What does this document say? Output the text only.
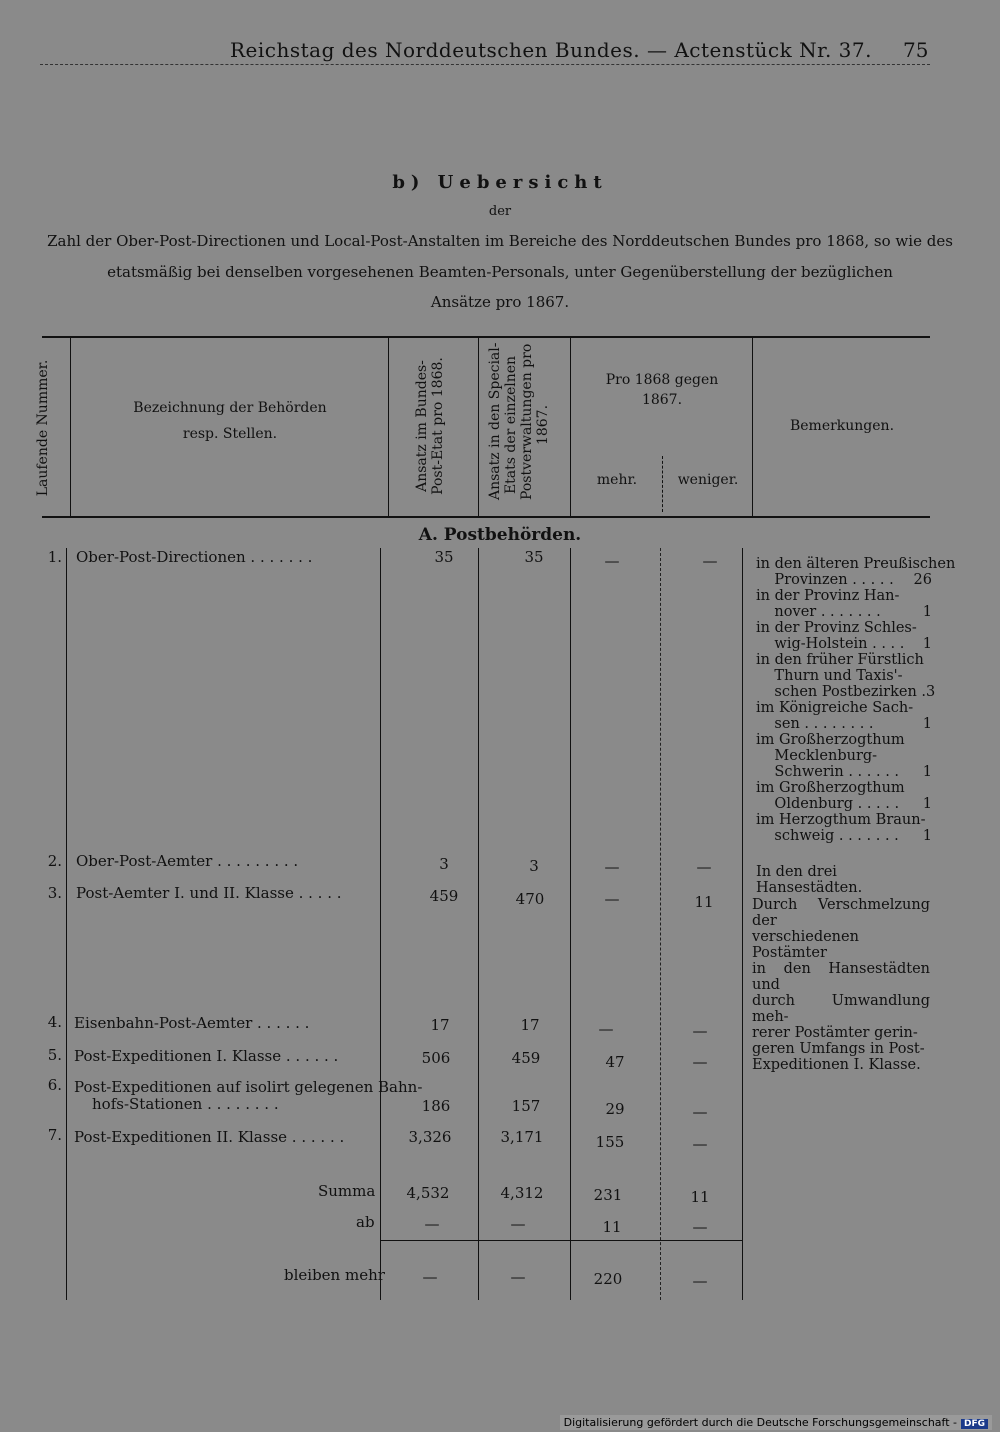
Reichstag des Norddeutschen Bundes. — Actenstück Nr. 37. 75
b) Uebersicht
der
Zahl der Ober-Post-Directionen und Local-Post-Anstalten im Bereiche des Norddeutschen Bundes pro 1868, so wie des
etatsmäßig bei denselben vorgesehenen Beamten-Personals, unter Gegenüberstellung der bezüglichen
Ansätze pro 1867.
Laufende Nummer.	Bezeichnung der Behörden
resp. Stellen.	Ansatz im Bundes- Post-Etat pro 1868.	Ansatz in den Special- Etats der einzelnen Postverwaltungen pro 1867.
Pro 1868 gegen
1867.
mehr.	weniger.
Bemerkungen.
A. Postbehörden.
1. Ober-Post-Directionen . . . . . . .	35	35	—	—	in den älteren Preußischen
Provinzen . . . . . 26
in der Provinz Han-
nover . . . . . . .	1
in der Provinz Schles-
wig-Holstein . . . . 1
in den früher Fürstlich
Thurn und Taxis'-
schen Postbezirken . 3
im Königreiche Sach-
sen . . . . . . . .	1
im Großherzogthum
Mecklenburg-
Schwerin . . . . . . 1
im Großherzogthum
Oldenburg . . . . . 1
im Herzogthum Braun-
schweig . . . . . . . 1
2. Ober-Post-Aemter . . . . . . . . .	3	3	—	—	In den drei Hansestädten.
3. Post-Aemter I. und II. Klasse . . . . .	459	470	—	11	Durch Verschmelzung der
verschiedenen Postämter
in den Hansestädten und
durch Umwandlung meh-
rerer Postämter gerin-
geren Umfangs in Post-
Expeditionen I. Klasse.
4. Eisenbahn-Post-Aemter . . . . . .	17	17	—	—
5. Post-Expeditionen I. Klasse . . . . . .	506	459	47	—
6. Post-Expeditionen auf isolirt gelegenen Bahn-
hofs-Stationen . . . . . . . .	186	157	29	—
7. Post-Expeditionen II. Klasse . . . . . .	3,326	3,171	155	—
Summa	4,532	4,312	231	11
ab	—	—	11	—
bleiben mehr	—	—	220	—
Digitalisierung gefördert durch die Deutsche Forschungsgemeinschaft - DFG
